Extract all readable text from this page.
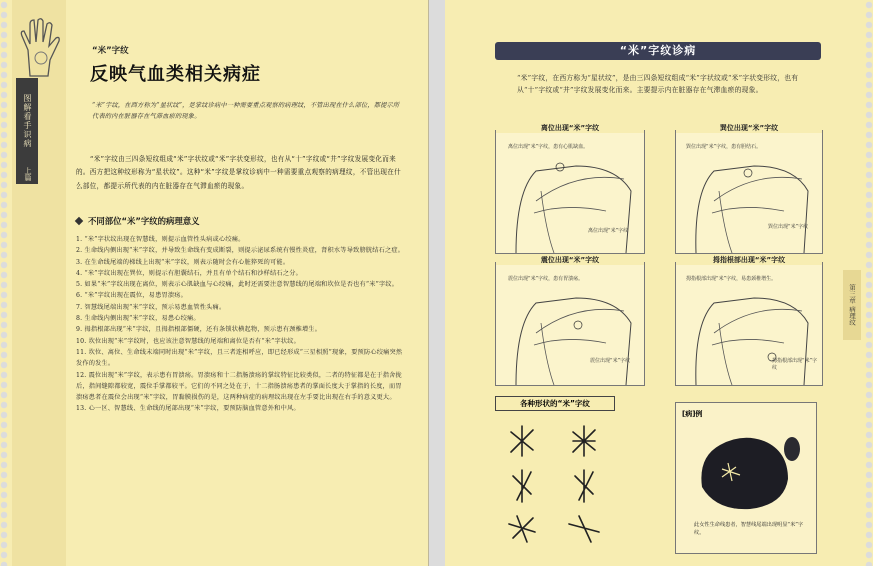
图解看手识病
上篇
“米”字纹
反映气血类相关病症
“米”字纹，在西方称为“星状纹”，是掌纹诊病中一种需要重点观察的病理纹，不管出现在什么部位，都提示所代表的内在脏器存在气滞血瘀的现象。
“米”字纹由三四条短纹组成“米”字状纹或“米”字状变形纹，也有从“十”字纹或“井”字纹发展变化而来的。西方把这种纹形称为“星状纹”。这种“米”字纹是掌纹诊病中一种需要重点观察的病理纹，不管出现在什么部位，都提示所代表的内在脏器存在气滞血瘀的现象。
不同部位“米”字纹的病理意义
1. “米”字状纹出现在智慧线，则提示血管性头病或心绞痛。
2. 生命线内侧出现“米”字纹，并导致生命线有变成断裂，则提示泌尿系统有慢性炎症，肾积水等导致膀胱结石之症。
3. 在生命线尾端的梯线上出现“米”字纹，则表示随时会有心脏猝死的可能。
4. “米”字纹出现在巽位，则提示有胆囊结石，并且有单个结石和沙样结石之分。
5. 如果“米”字纹出现在离位，则表示心肌缺血与心绞痛，此时还需要注意智慧线的尾端和坎位是否也有“米”字纹。
6. “米”字纹出现在震位，易患胃溃疡。
7. 智慧线尾端出现“米”字纹，预示易患血管性头痛。
8. 生命线内侧出现“米”字纹，易患心绞痛。
9. 拇指根部出现“米”字纹，且拇指根部僵硬，还有条锁状横起物，预示患有颈椎增生。
10. 坎位出现“米”字纹时，也应该注意智慧线的尾端和离位是否有“米”字状纹。
11. 坎位、离位、生命线末端同时出现“米”字纹，且三者连相呼应，即已经形成“三星相照”现象，要预防心绞痛突然发作的发生。
12. 震位出现“米”字纹，表示患有胃溃疡。胃溃疡和十二指肠溃疡的掌纹特征比较类似，二者的特征都是在于指舍拢后，指间缝隙都较宽，震位手掌都较平。它们的不同之处在于，十二指肠溃疡患者的掌面长度大于掌指的长度，而胃溃疡患者在震位会出现“米”字纹，胃黏膜损伤的是，这两种病症的病理纹出现在左手要比出现在右手的意义更大。
13. 心一区、智慧线、生命线的尾部出现“米”字纹，要预防脑血管意外和中风。
“米”字纹诊病
“米”字纹，在西方称为“星状纹”，是由三四条短纹组成“米”字状纹或“米”字状变形纹，也有从“十”字纹或“井”字纹发展变化而来。主要提示内在脏器存在气滞血瘀的现象。
离位出现“米”字纹
离位出现“米”字纹，患有心肌缺血。
离位出现“米”字纹
巽位出现“米”字纹
巽位出现“米”字纹，患有胆结石。
巽位出现“米”字纹
震位出现“米”字纹
震位出现“米”字纹，患有胃溃疡。
震位出现“米”字纹
拇指根部出现“米”字纹
拇指根部出现“米”字纹，易患颈椎增生。
拇指根部出现“米”字纹
各种形状的“米”字纹
[病]例
此女性生命线患者，智慧线尾端出现明显“米”字纹。
第三章 病理纹
